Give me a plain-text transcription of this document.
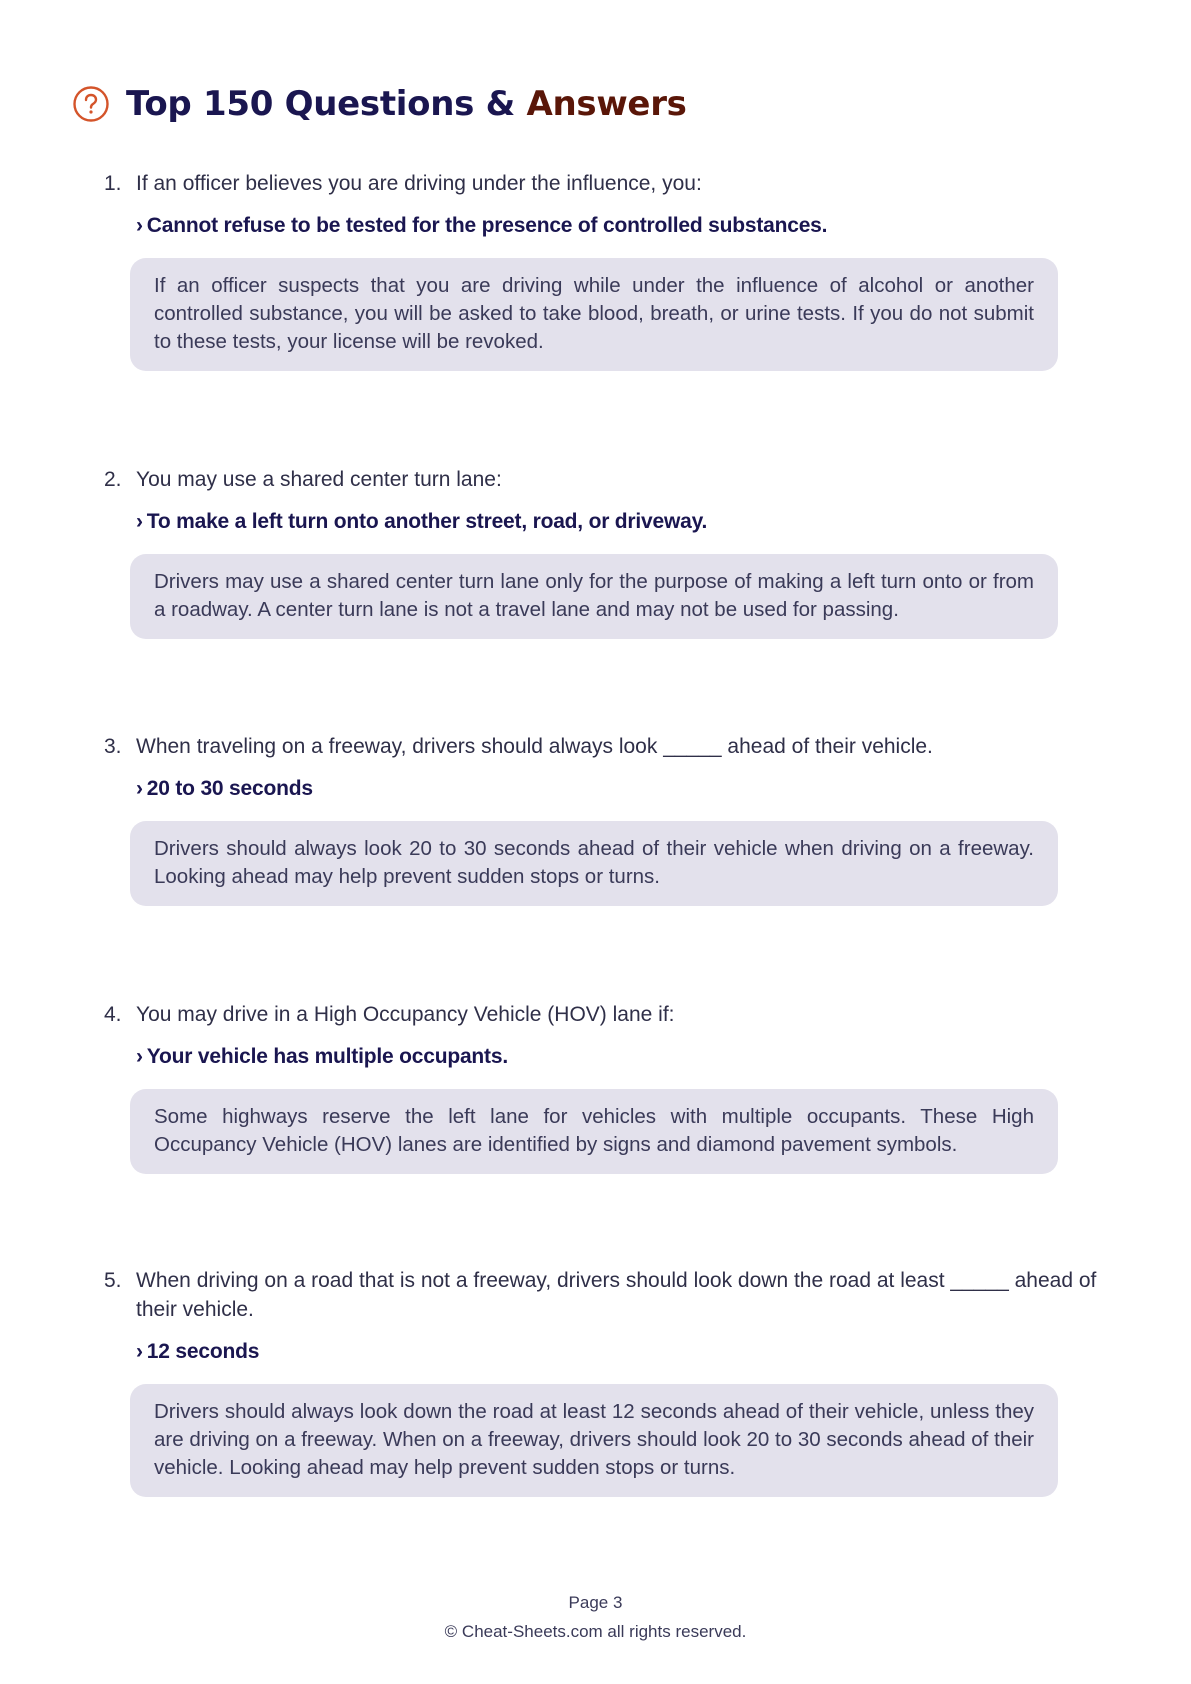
Top 150 Questions & Answers
1. If an officer believes you are driving under the influence, you:
› Cannot refuse to be tested for the presence of controlled substances.
If an officer suspects that you are driving while under the influence of alcohol or another controlled substance, you will be asked to take blood, breath, or urine tests. If you do not submit to these tests, your license will be revoked.
2. You may use a shared center turn lane:
› To make a left turn onto another street, road, or driveway.
Drivers may use a shared center turn lane only for the purpose of making a left turn onto or from a roadway. A center turn lane is not a travel lane and may not be used for passing.
3. When traveling on a freeway, drivers should always look _____ ahead of their vehicle.
› 20 to 30 seconds
Drivers should always look 20 to 30 seconds ahead of their vehicle when driving on a freeway. Looking ahead may help prevent sudden stops or turns.
4. You may drive in a High Occupancy Vehicle (HOV) lane if:
› Your vehicle has multiple occupants.
Some highways reserve the left lane for vehicles with multiple occupants. These High Occupancy Vehicle (HOV) lanes are identified by signs and diamond pavement symbols.
5. When driving on a road that is not a freeway, drivers should look down the road at least _____ ahead of their vehicle.
› 12 seconds
Drivers should always look down the road at least 12 seconds ahead of their vehicle, unless they are driving on a freeway. When on a freeway, drivers should look 20 to 30 seconds ahead of their vehicle. Looking ahead may help prevent sudden stops or turns.
Page 3
© Cheat-Sheets.com all rights reserved.
